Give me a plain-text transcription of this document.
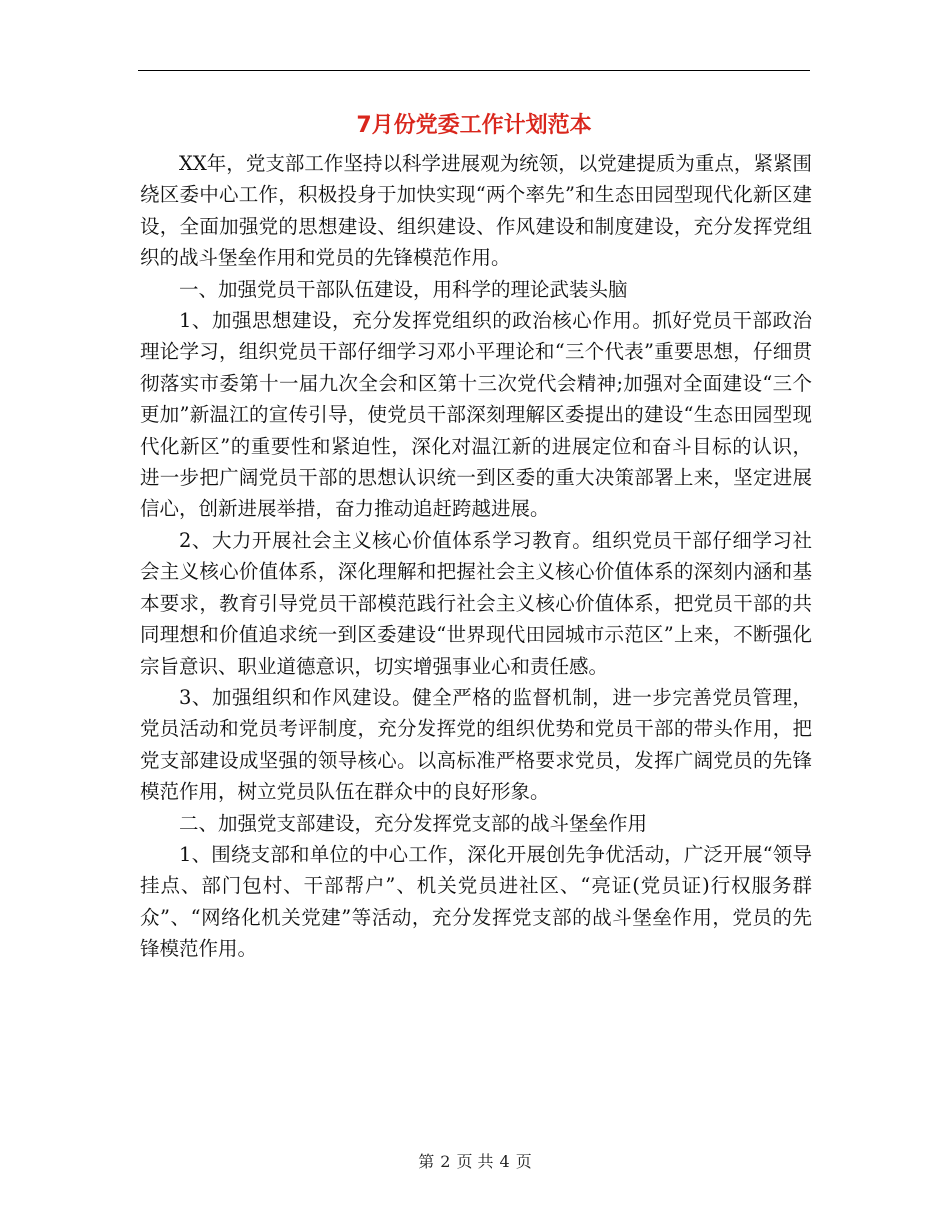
7月份党委工作计划范本

XX年，党支部工作坚持以科学进展观为统领，以党建提质为重点，紧紧围绕区委中心工作，积极投身于加快实现“两个率先”和生态田园型现代化新区建设，全面加强党的思想建设、组织建设、作风建设和制度建设，充分发挥党组织的战斗堡垒作用和党员的先锋模范作用。

一、加强党员干部队伍建设，用科学的理论武装头脑

1、加强思想建设，充分发挥党组织的政治核心作用。抓好党员干部政治理论学习，组织党员干部仔细学习邓小平理论和“三个代表”重要思想，仔细贯彻落实市委第十一届九次全会和区第十三次党代会精神;加强对全面建设“三个更加”新温江的宣传引导，使党员干部深刻理解区委提出的建设“生态田园型现代化新区”的重要性和紧迫性，深化对温江新的进展定位和奋斗目标的认识，进一步把广阔党员干部的思想认识统一到区委的重大决策部署上来，坚定进展信心，创新进展举措，奋力推动追赶跨越进展。

2、大力开展社会主义核心价值体系学习教育。组织党员干部仔细学习社会主义核心价值体系，深化理解和把握社会主义核心价值体系的深刻内涵和基本要求，教育引导党员干部模范践行社会主义核心价值体系，把党员干部的共同理想和价值追求统一到区委建设“世界现代田园城市示范区”上来，不断强化宗旨意识、职业道德意识，切实增强事业心和责任感。

3、加强组织和作风建设。健全严格的监督机制，进一步完善党员管理，党员活动和党员考评制度，充分发挥党的组织优势和党员干部的带头作用，把党支部建设成坚强的领导核心。以高标准严格要求党员，发挥广阔党员的先锋模范作用，树立党员队伍在群众中的良好形象。

二、加强党支部建设，充分发挥党支部的战斗堡垒作用

1、围绕支部和单位的中心工作，深化开展创先争优活动，广泛开展“领导挂点、部门包村、干部帮户”、机关党员进社区、“亮证(党员证)行权服务群众”、“网络化机关党建”等活动，充分发挥党支部的战斗堡垒作用，党员的先锋模范作用。

第 2 页 共 4 页
